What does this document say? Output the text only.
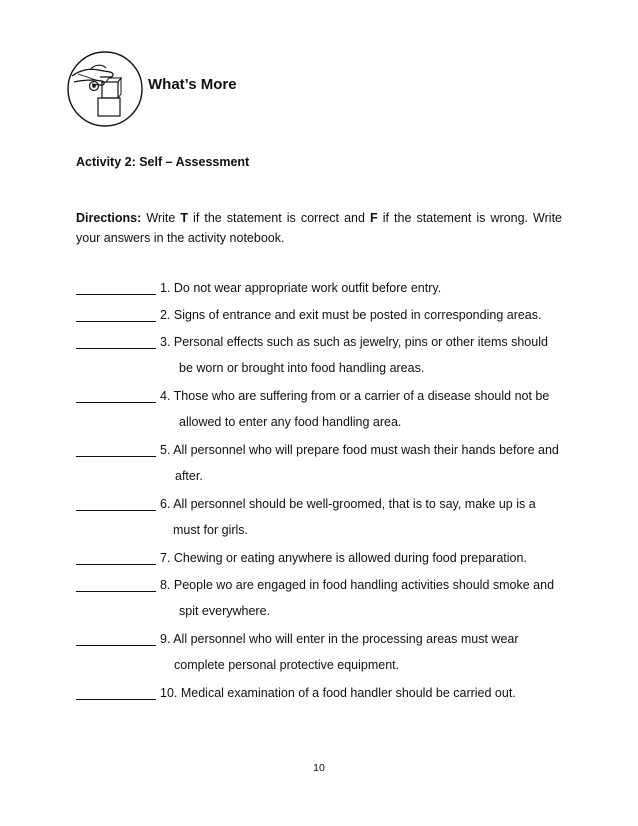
What’s More
Activity 2: Self – Assessment
Directions: Write T if the statement is correct and F if the statement is wrong. Write your answers in the activity notebook.
1. Do not wear appropriate work outfit before entry.
2. Signs of entrance and exit must be posted in corresponding areas.
3. Personal effects such as such as jewelry, pins or other items should
be worn or brought into food handling areas.
4. Those who are suffering from or a carrier of a disease should not be
allowed to enter any food handling area.
5. All personnel who will prepare food must wash their hands before and
after.
6. All personnel should be well-groomed, that is to say, make up is a
must for girls.
7. Chewing or eating anywhere is allowed during food preparation.
8. People wo are engaged in food handling activities should smoke and
spit everywhere.
9. All personnel who will enter in the processing areas must wear
complete personal protective equipment.
10. Medical examination of a food handler should be carried out.
10
